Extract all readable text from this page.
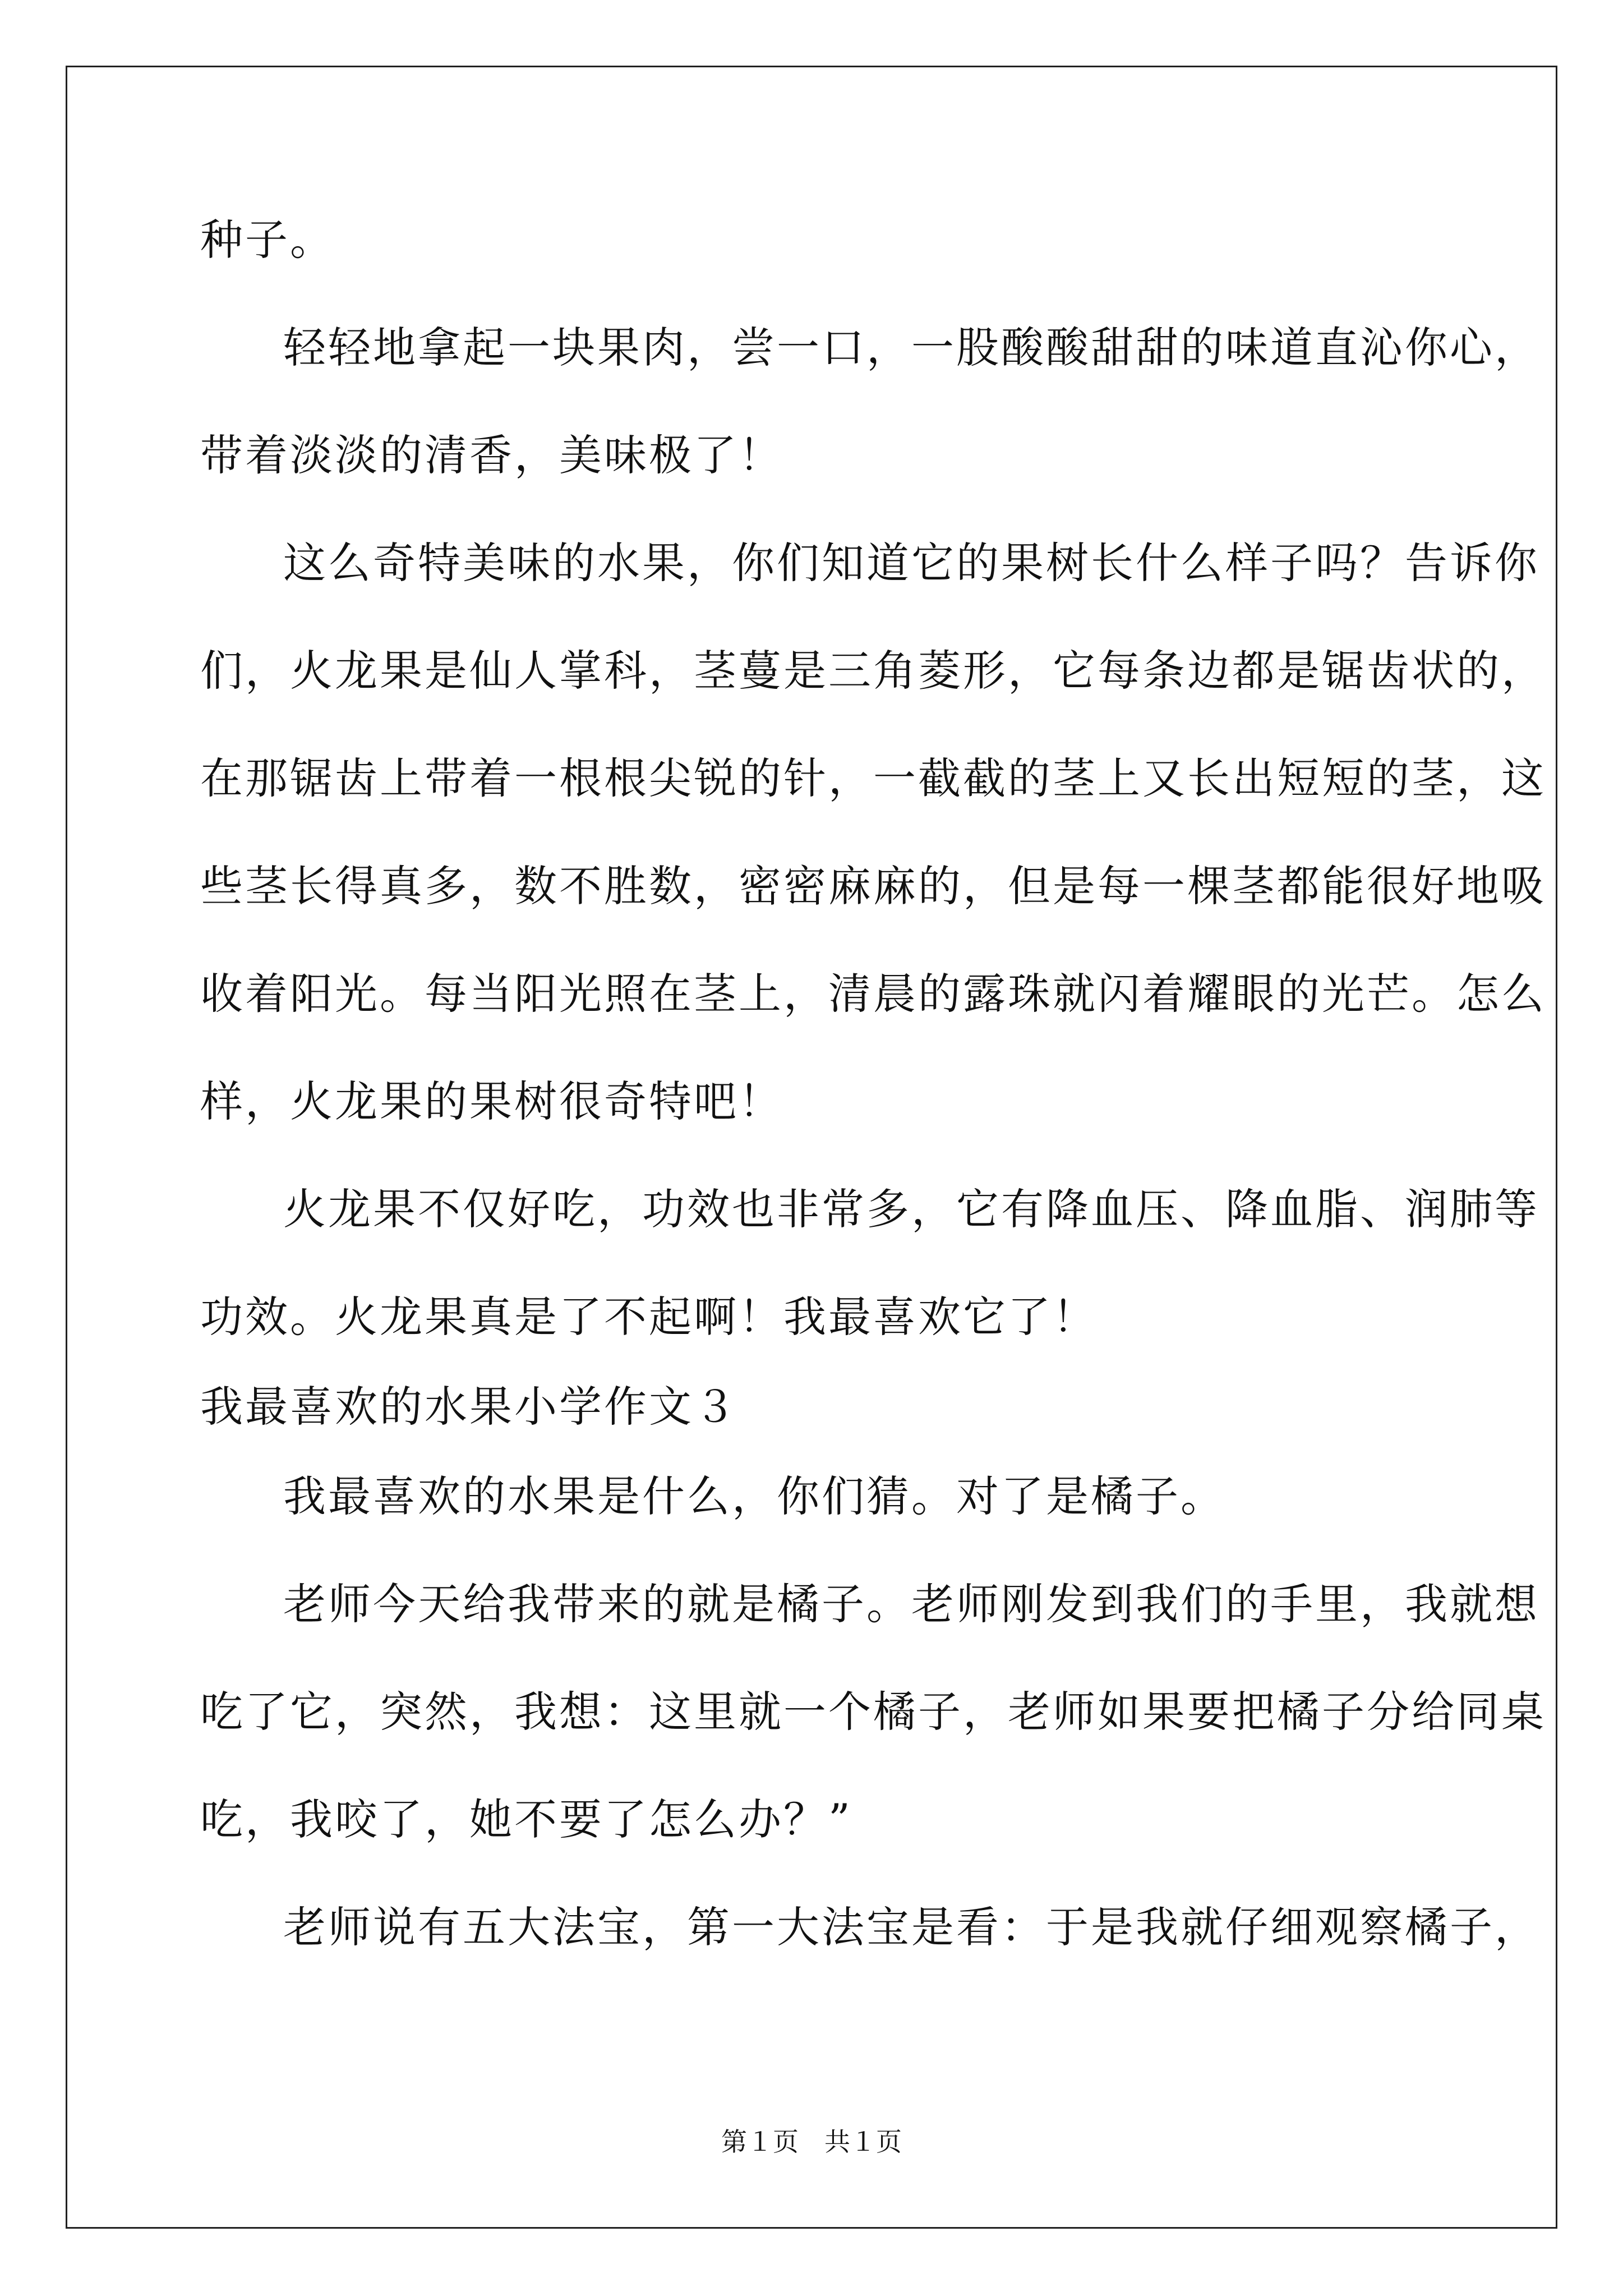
种子。
轻轻地拿起一块果肉，尝一口，一股酸酸甜甜的味道直沁你心，
带着淡淡的清香，美味极了！
这么奇特美味的水果，你们知道它的果树长什么样子吗？告诉你
们，火龙果是仙人掌科，茎蔓是三角菱形，它每条边都是锯齿状的，
在那锯齿上带着一根根尖锐的针，一截截的茎上又长出短短的茎，这
些茎长得真多，数不胜数，密密麻麻的，但是每一棵茎都能很好地吸
收着阳光。每当阳光照在茎上，清晨的露珠就闪着耀眼的光芒。怎么
样，火龙果的果树很奇特吧！
火龙果不仅好吃，功效也非常多，它有降血压、降血脂、润肺等
功效。火龙果真是了不起啊！我最喜欢它了！
我最喜欢的水果小学作文３
我最喜欢的水果是什么，你们猜。对了是橘子。
老师今天给我带来的就是橘子。老师刚发到我们的手里，我就想
吃了它，突然，我想：这里就一个橘子，老师如果要把橘子分给同桌
吃，我咬了，她不要了怎么办？”
老师说有五大法宝，第一大法宝是看：于是我就仔细观察橘子，
第１页　共１页
